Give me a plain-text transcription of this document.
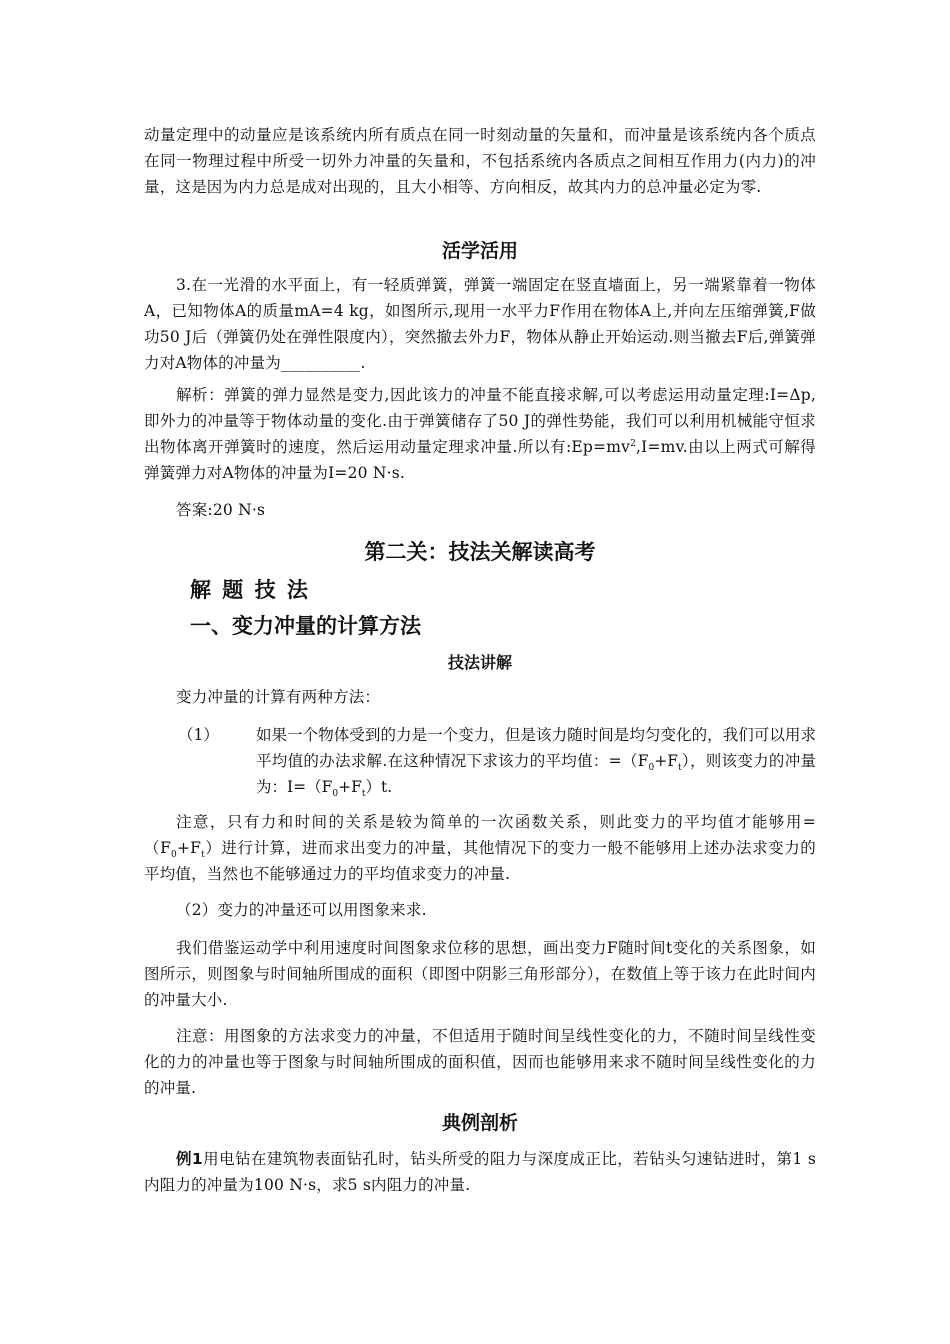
动量定理中的动量应是该系统内所有质点在同一时刻动量的矢量和，而冲量是该系统内各个质点在同一物理过程中所受一切外力冲量的矢量和，不包括系统内各质点之间相互作用力(内力)的冲量，这是因为内力总是成对出现的，且大小相等、方向相反，故其内力的总冲量必定为零.

活学活用

3.在一光滑的水平面上，有一轻质弹簧，弹簧一端固定在竖直墙面上，另一端紧靠着一物体A，已知物体A的质量mA=4 kg，如图所示,现用一水平力F作用在物体A上,并向左压缩弹簧,F做功50 J后（弹簧仍处在弹性限度内），突然撤去外力F，物体从静止开始运动.则当撤去F后,弹簧弹力对A物体的冲量为__________.

解析：弹簧的弹力显然是变力,因此该力的冲量不能直接求解,可以考虑运用动量定理:I=Δp,即外力的冲量等于物体动量的变化.由于弹簧储存了50 J的弹性势能，我们可以利用机械能守恒求出物体离开弹簧时的速度，然后运用动量定理求冲量.所以有$:Ep=mv^2,I=mv$.由以上两式可解得弹簧弹力对A物体的冲量为I=20 N·s.

答案:20 N·s

第二关：技法关解读高考
解 题 技 法
一、变力冲量的计算方法
技法讲解

变力冲量的计算有两种方法：

（1） 如果一个物体受到的力是一个变力，但是该力随时间是均匀变化的，我们可以用求平均值的办法求解.在这种情况下求该力的平均值：$=(F_0+F_t)$，则该变力的冲量为：$I=(F_0+F_t)t$.

注意，只有力和时间的关系是较为简单的一次函数关系，则此变力的平均值才能够用$=(F_0+F_t)$进行计算，进而求出变力的冲量，其他情况下的变力一般不能够用上述办法求变力的平均值，当然也不能够通过力的平均值求变力的冲量.

（2）变力的冲量还可以用图象来求.

我们借鉴运动学中利用速度时间图象求位移的思想，画出变力F随时间t变化的关系图象，如图所示，则图象与时间轴所围成的面积（即图中阴影三角形部分），在数值上等于该力在此时间内的冲量大小.

注意：用图象的方法求变力的冲量，不但适用于随时间呈线性变化的力，不随时间呈线性变化的力的冲量也等于图象与时间轴所围成的面积值，因而也能够用来求不随时间呈线性变化的力的冲量.

典例剖析

例1用电钻在建筑物表面钻孔时，钻头所受的阻力与深度成正比，若钻头匀速钻进时，第1 s内阻力的冲量为100 N·s，求5 s内阻力的冲量.
